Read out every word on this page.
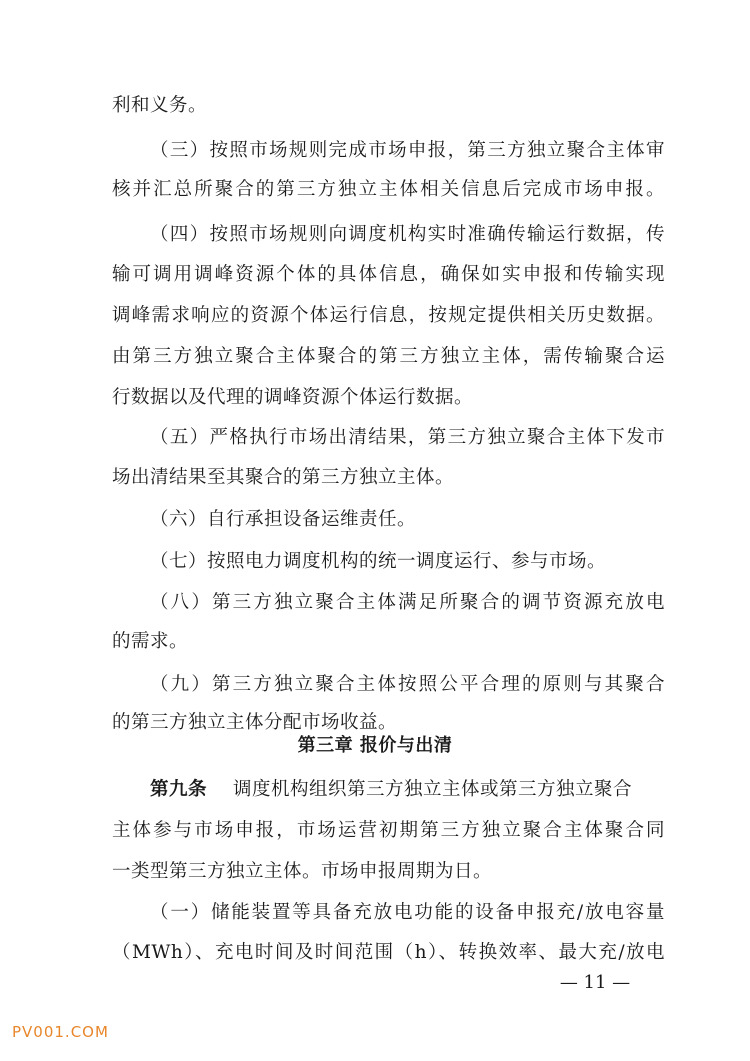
利和义务。
（三）按照市场规则完成市场申报，第三方独立聚合主体审
核并汇总所聚合的第三方独立主体相关信息后完成市场申报。
（四）按照市场规则向调度机构实时准确传输运行数据，传
输可调用调峰资源个体的具体信息，确保如实申报和传输实现
调峰需求响应的资源个体运行信息，按规定提供相关历史数据。
由第三方独立聚合主体聚合的第三方独立主体，需传输聚合运
行数据以及代理的调峰资源个体运行数据。
（五）严格执行市场出清结果，第三方独立聚合主体下发市
场出清结果至其聚合的第三方独立主体。
（六）自行承担设备运维责任。
（七）按照电力调度机构的统一调度运行、参与市场。
（八）第三方独立聚合主体满足所聚合的调节资源充放电
的需求。
（九）第三方独立聚合主体按照公平合理的原则与其聚合
的第三方独立主体分配市场收益。
第三章 报价与出清
第九条 调度机构组织第三方独立主体或第三方独立聚合
主体参与市场申报，市场运营初期第三方独立聚合主体聚合同
一类型第三方独立主体。市场申报周期为日。
（一）储能装置等具备充放电功能的设备申报充/放电容量
（MWh）、充电时间及时间范围（h）、转换效率、最大充/放电
— 11 —
PV001.COM
